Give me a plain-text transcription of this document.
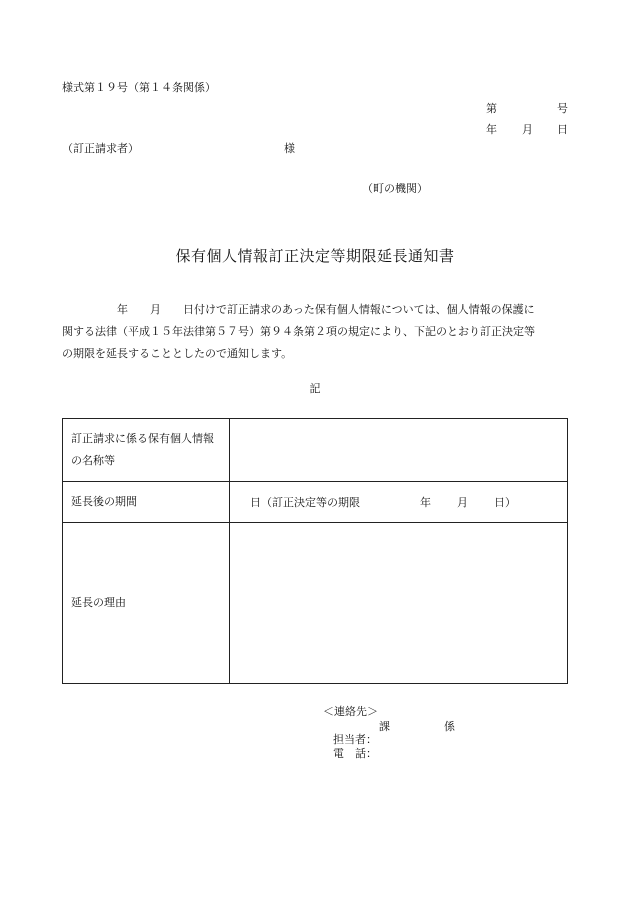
様式第１９号（第１４条関係）
第	号
年 月 日
（訂正請求者）	様
（町の機関）
保有個人情報訂正決定等期限延長通知書
　　　　　年　　月　　日付けで訂正請求のあった保有個人情報については、個人情報の保護に
関する法律（平成１５年法律第５７号）第９４条第２項の規定により、下記のとおり訂正決定等
の期限を延長することとしたので通知します。
記
訂正請求に係る保有個人情報
の名称等	

延長後の期間	日（訂正決定等の期限 年 月 日）
延長の理由	
＜連絡先＞
課	係
担当者：
電　話：
